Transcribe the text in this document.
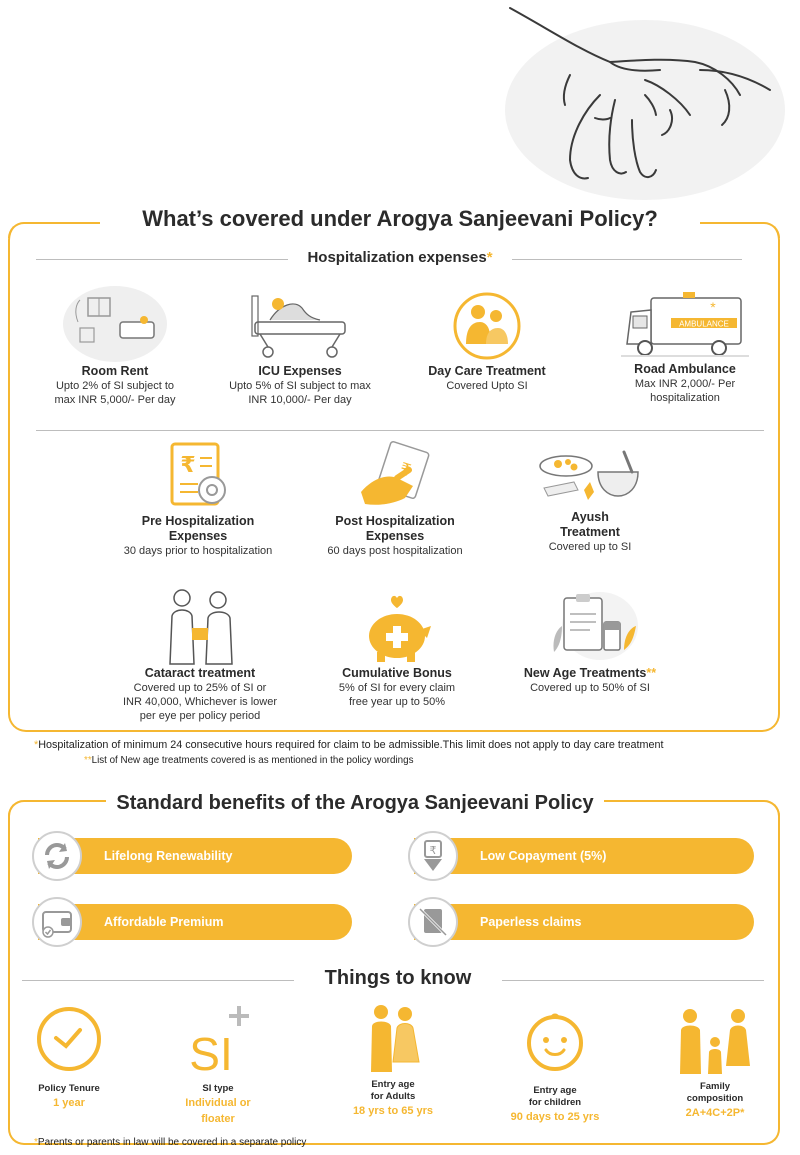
What’s covered under Arogya Sanjeevani Policy?
Hospitalization expenses*
Room Rent
Upto 2% of SI subject to
max INR 5,000/- Per day
ICU Expenses
Upto 5% of SI subject to max
INR 10,000/- Per day
Day Care Treatment
Covered Upto SI
AMBULANCE
*
Road Ambulance
Max INR 2,000/- Per
hospitalization
₹
Pre Hospitalization
Expenses
30 days prior to hospitalization
Post Hospitalization
Expenses
60 days post hospitalization
Ayush
Treatment
Covered up to SI
Cataract treatment
Covered up to 25% of SI or
INR 40,000, Whichever is lower
per eye per policy period
Cumulative Bonus
5% of SI for every claim
free year up to 50%
New Age Treatments**
Covered up to 50% of SI
*Hospitalization of minimum 24 consecutive hours required for claim to be admissible.This limit does not apply to day care treatment
**List of New age treatments covered is as mentioned in the policy wordings
Standard benefits of the Arogya Sanjeevani Policy
Lifelong Renewability	Low Copayment (5%)
₹
Affordable Premium	Paperless claims
Things to know
Policy Tenure
1 year
SI
SI type
Individual or
floater
Entry age
for Adults
18 yrs to 65 yrs
Entry age
for children
90 days to 25 yrs
Family
composition
2A+4C+2P*
*Parents or parents in law will be covered in a separate policy
